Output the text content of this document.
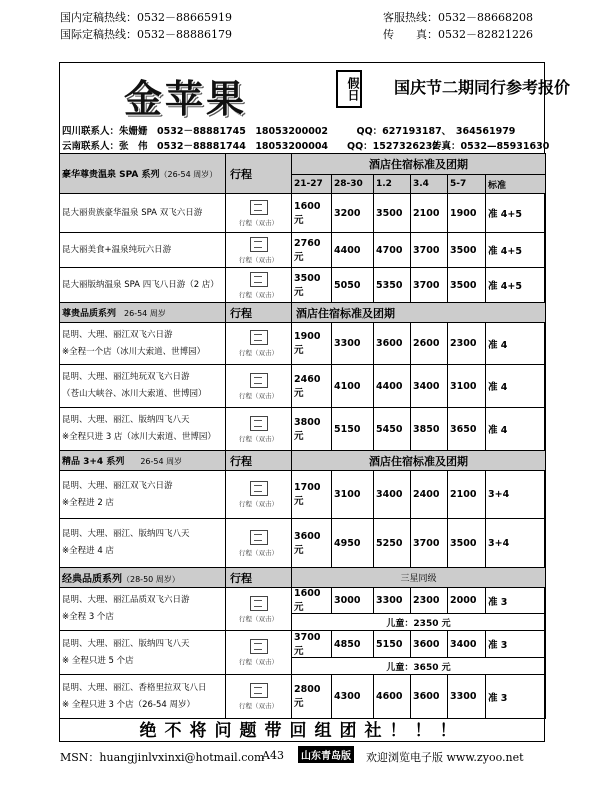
国内定稿热线：0532－88665919
国际定稿热线：0532－88886179
客服热线：0532－88668208
传　　真：0532－82821226
金苹果	假日 国庆节二期同行参考报价
四川联系人：朱姗姗　0532－88881745　18053200002　　　QQ：627193187、　364561979
云南联系人：张　伟　0532－88881744　18053200004　　QQ：1527326232
传真：0532—85931630
豪华尊贵温泉 SPA 系列（26-54 周岁）	行程	酒店住宿标准及团期					
		21-27	28-30	1.2	3.4	5-7	标准
昆大丽贵族豪华温泉 SPA 双飞六日游	行程（双击）	1600 元	3200	3500	2100	1900	准 4+5
昆大丽美食+温泉纯玩六日游	行程（双击）	2760 元	4400	4700	3700	3500	准 4+5
昆大丽版纳温泉 SPA 四飞八日游（2 店）	行程（双击）	3500 元	5050	5350	3700	3500	准 4+5
尊贵品质系列　26-54 周岁	行程	酒店住宿标准及团期					

昆明、大理、丽江双飞六日游
※全程一个店（冰川大索道、世博园）	行程（双击）	1900 元	3300	3600	2600	2300	准 4

昆明、大理、丽江纯玩双飞六日游
（苍山大峡谷、冰川大索道、世博园）	行程（双击）	2460 元	4100	4400	3400	3100	准 4

昆明、大理、丽江、版纳四飞八天
※全程只进 3 店（冰川大索道、世博园）	行程（双击）	3800 元	5150	5450	3850	3650	准 4
精品 3+4 系列　　26-54 周岁	行程	酒店住宿标准及团期					

昆明、大理、丽江双飞六日游
※全程进 2 店	行程（双击）	1700 元	3100	3400	2400	2100	3+4

昆明、大理、丽江、版纳四飞八天
※全程进 4 店	行程（双击）	3600 元	4950	5250	3700	3500	3+4
经典品质系列（28-50 周岁）	行程	三星同级					

昆明、大理、丽江品质双飞六日游
※全程 3 个店	行程（双击）	1600 元	3000	3300	2300	2000	准 3
		儿童：2350 元					

昆明、大理、丽江、版纳四飞八天
※ 全程只进 5 个店	行程（双击）	3700 元	4850	5150	3600	3400	准 3
		儿童：3650 元					

昆明、大理、丽江、香格里拉双飞八日
※ 全程只进 3 个店（26-54 周岁）	行程（双击）	2800 元	4300	4600	3600	3300	准 3
绝不将问题带回组团社！！！
MSN：huangjinlvxinxi@hotmail.com
A43	山东青岛版 欢迎浏览电子版 www.zyoo.net
